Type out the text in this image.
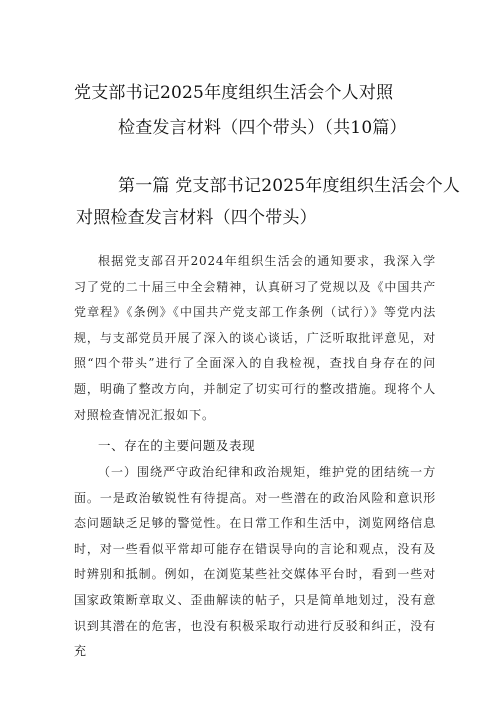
党支部书记2025年度组织生活会个人对照
检查发言材料（四个带头）（共10篇）
第一篇 党支部书记2025年度组织生活会个人
对照检查发言材料（四个带头）
根据党支部召开2024年组织生活会的通知要求，我深入学习了党的二十届三中全会精神，认真研习了党规以及《中国共产党章程》《条例》《中国共产党支部工作条例（试行）》等党内法规，与支部党员开展了深入的谈心谈话，广泛听取批评意见，对照“四个带头”进行了全面深入的自我检视，查找自身存在的问题，明确了整改方向，并制定了切实可行的整改措施。现将个人对照检查情况汇报如下。
一、存在的主要问题及表现
（一）围绕严守政治纪律和政治规矩，维护党的团结统一方面。一是政治敏锐性有待提高。对一些潜在的政治风险和意识形态问题缺乏足够的警觉性。在日常工作和生活中，浏览网络信息时，对一些看似平常却可能存在错误导向的言论和观点，没有及时辨别和抵制。例如，在浏览某些社交媒体平台时，看到一些对国家政策断章取义、歪曲解读的帖子，只是简单地划过，没有意识到其潜在的危害，也没有积极采取行动进行反驳和纠正，没有充
